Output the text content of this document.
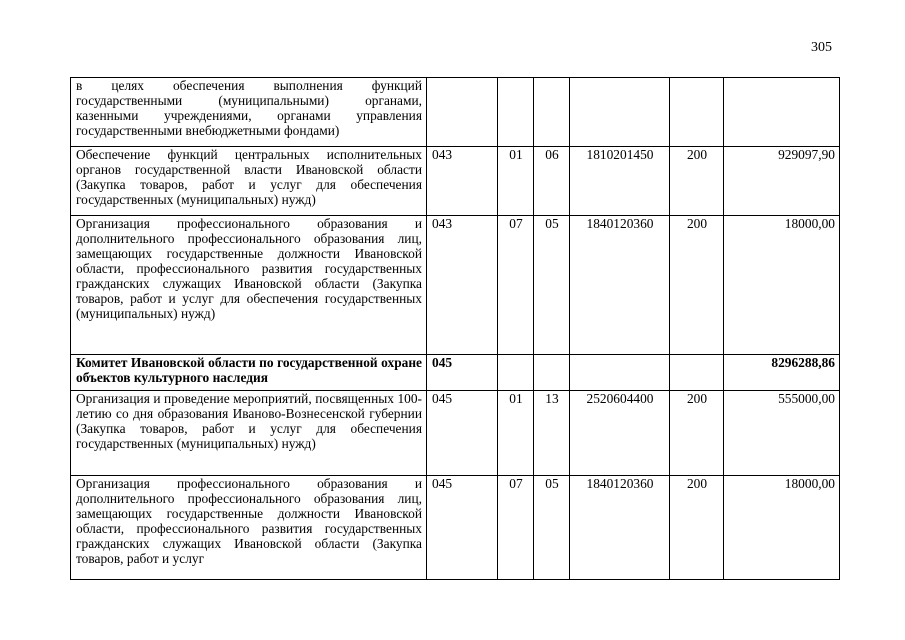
305
в целях обеспечения выполнения функций государственными (муниципальными) органами, казенными учреждениями, органами управления государственными внебюджетными фондами)						
Обеспечение функций центральных исполнительных органов государственной власти Ивановской области (Закупка товаров, работ и услуг для обеспечения государственных (муниципальных) нужд)	043	01	06	1810201450	200	929097,90
Организация профессионального образования и дополнительного профессионального образования лиц, замещающих государственные должности Ивановской области, профессионального развития государственных гражданских служащих Ивановской области (Закупка товаров, работ и услуг для обеспечения государственных (муниципальных) нужд)	043	07	05	1840120360	200	18000,00
Комитет Ивановской области по государственной охране объектов культурного наследия	045					8296288,86
Организация и проведение мероприятий, посвященных 100-летию со дня образования Иваново-Вознесенской губернии (Закупка товаров, работ и услуг для обеспечения государственных (муниципальных) нужд)	045	01	13	2520604400	200	555000,00
Организация профессионального образования и дополнительного профессионального образования лиц, замещающих государственные должности Ивановской области, профессионального развития государственных гражданских служащих Ивановской области (Закупка товаров, работ и услуг	045	07	05	1840120360	200	18000,00
